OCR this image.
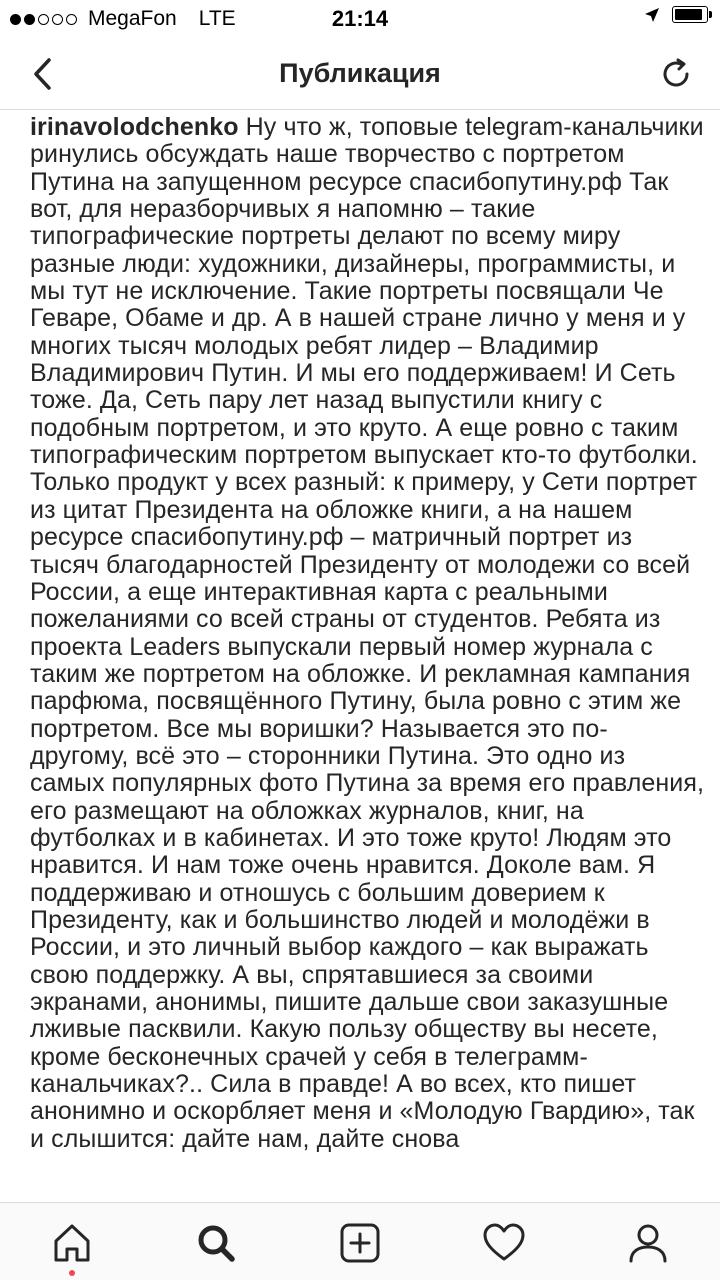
MegaFon LTE	21:14
Публикация
irinavolodchenko Ну что ж, топовые telegram-канальчики ринулись обсуждать наше творчество с портретом Путина на запущенном ресурсе спасибопутину.рф Так вот, для неразборчивых я напомню – такие типографические портреты делают по всему миру разные люди: художники, дизайнеры, программисты, и мы тут не исключение. Такие портреты посвящали Че Геваре, Обаме и др. А в нашей стране лично у меня и у многих тысяч молодых ребят лидер – Владимир Владимирович Путин. И мы его поддерживаем! И Сеть тоже. Да, Сеть пару лет назад выпустили книгу с подобным портретом, и это круто. А еще ровно с таким типографическим портретом выпускает кто-то футболки. Только продукт у всех разный: к примеру, у Сети портрет из цитат Президента на обложке книги, а на нашем ресурсе спасибопутину.рф – матричный портрет из тысяч благодарностей Президенту от молодежи со всей России, а еще интерактивная карта с реальными пожеланиями со всей страны от студентов. Ребята из проекта Leaders выпускали первый номер журнала с таким же портретом на обложке. И рекламная кампания парфюма, посвящённого Путину, была ровно с этим же портретом. Все мы воришки? Называется это по-другому, всё это – сторонники Путина. Это одно из самых популярных фото Путина за время его правления, его размещают на обложках журналов, книг, на футболках и в кабинетах. И это тоже круто! Людям это нравится. И нам тоже очень нравится. Доколе вам. Я поддерживаю и отношусь с большим доверием к Президенту, как и большинство людей и молодёжи в России, и это личный выбор каждого – как выражать свою поддержку. А вы, спрятавшиеся за своими экранами, анонимы, пишите дальше свои заказушные лживые пасквили. Какую пользу обществу вы несете, кроме бесконечных срачей у себя в телеграмм-канальчиках?.. Сила в правде! А во всех, кто пишет анонимно и оскорбляет меня и «Молодую Гвардию», так и слышится: дайте нам, дайте снова
